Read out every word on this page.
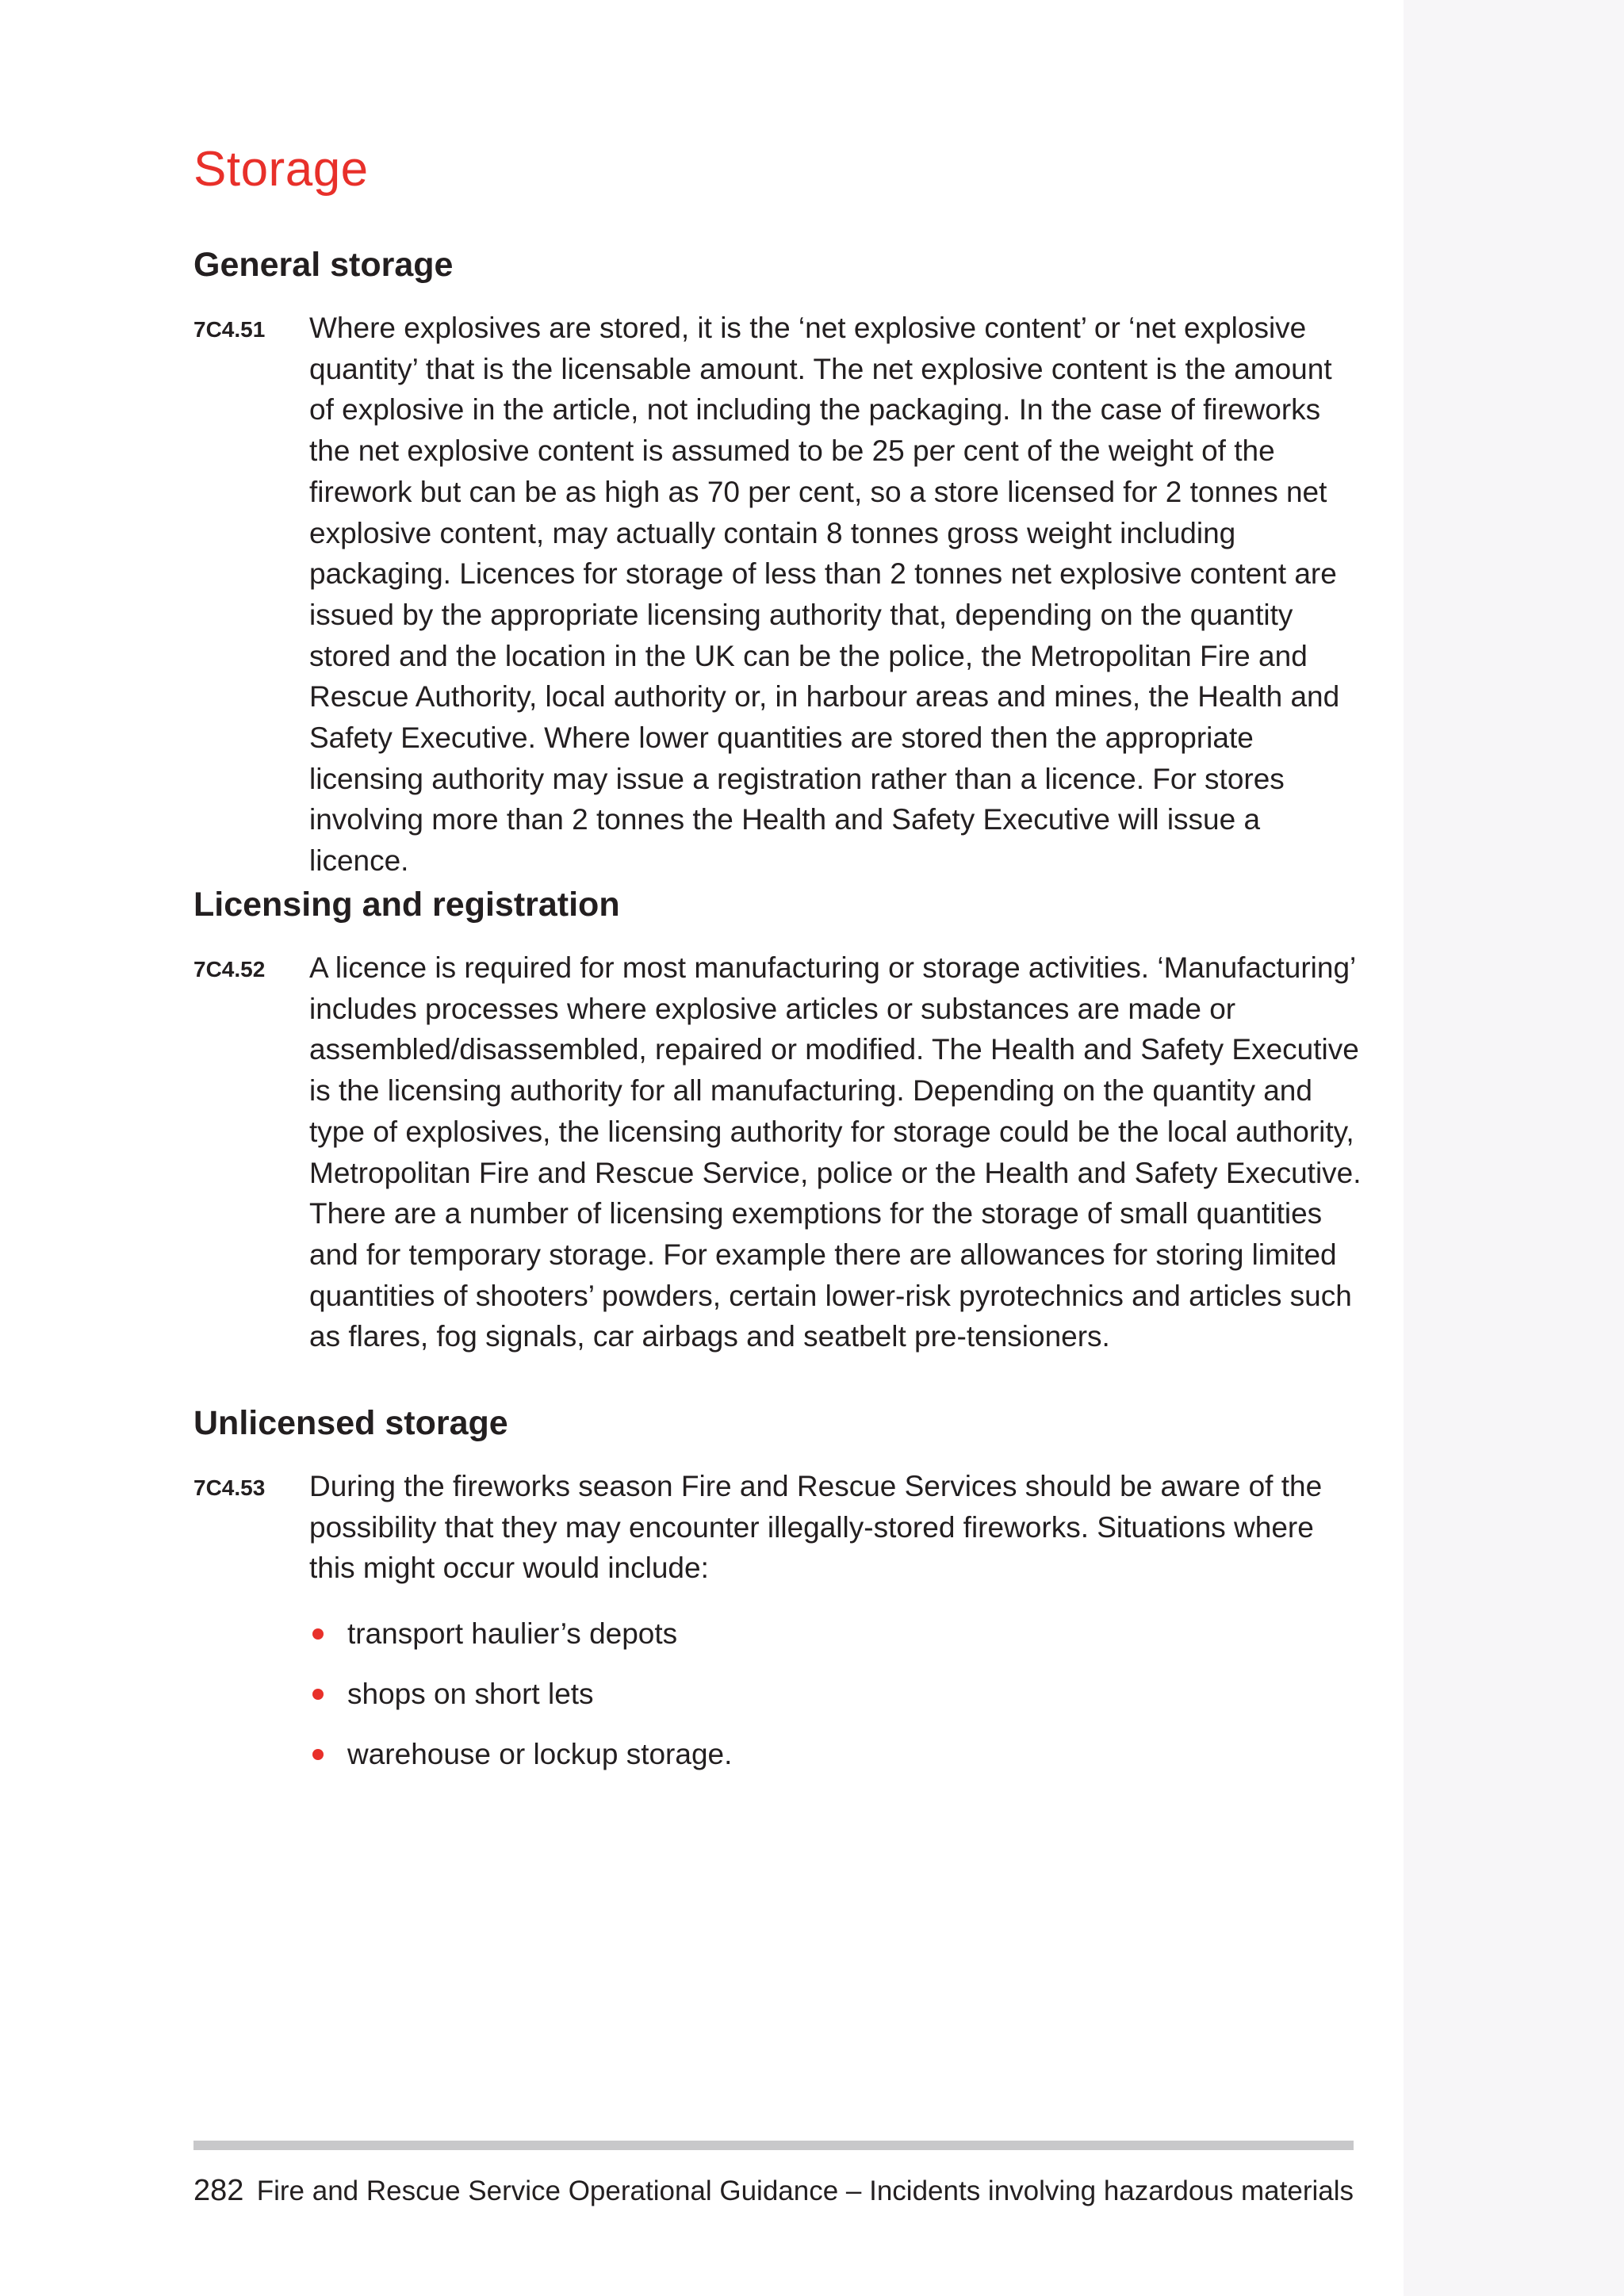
Storage
General storage
7C4.51 Where explosives are stored, it is the ‘net explosive content’ or ‘net explosive quantity’ that is the licensable amount. The net explosive content is the amount of explosive in the article, not including the packaging. In the case of fireworks the net explosive content is assumed to be 25 per cent of the weight of the firework but can be as high as 70 per cent, so a store licensed for 2 tonnes net explosive content, may actually contain 8 tonnes gross weight including packaging. Licences for storage of less than 2 tonnes net explosive content are issued by the appropriate licensing authority that, depending on the quantity stored and the location in the UK can be the police, the Metropolitan Fire and Rescue Authority, local authority or, in harbour areas and mines, the Health and Safety Executive. Where lower quantities are stored then the appropriate licensing authority may issue a registration rather than a licence. For stores involving more than 2 tonnes the Health and Safety Executive will issue a licence.

Licensing and registration
7C4.52 A licence is required for most manufacturing or storage activities. ‘Manufacturing’ includes processes where explosive articles or substances are made or assembled/disassembled, repaired or modified. The Health and Safety Executive is the licensing authority for all manufacturing. Depending on the quantity and type of explosives, the licensing authority for storage could be the local authority, Metropolitan Fire and Rescue Service, police or the Health and Safety Executive. There are a number of licensing exemptions for the storage of small quantities and for temporary storage. For example there are allowances for storing limited quantities of shooters’ powders, certain lower-risk pyrotechnics and articles such as flares, fog signals, car airbags and seatbelt pre-tensioners.

Unlicensed storage
7C4.53 During the fireworks season Fire and Rescue Services should be aware of the possibility that they may encounter illegally-stored fireworks. Situations where this might occur would include:

transport haulier’s depots
shops on short lets
warehouse or lockup storage.
282 Fire and Rescue Service Operational Guidance – Incidents involving hazardous materials
